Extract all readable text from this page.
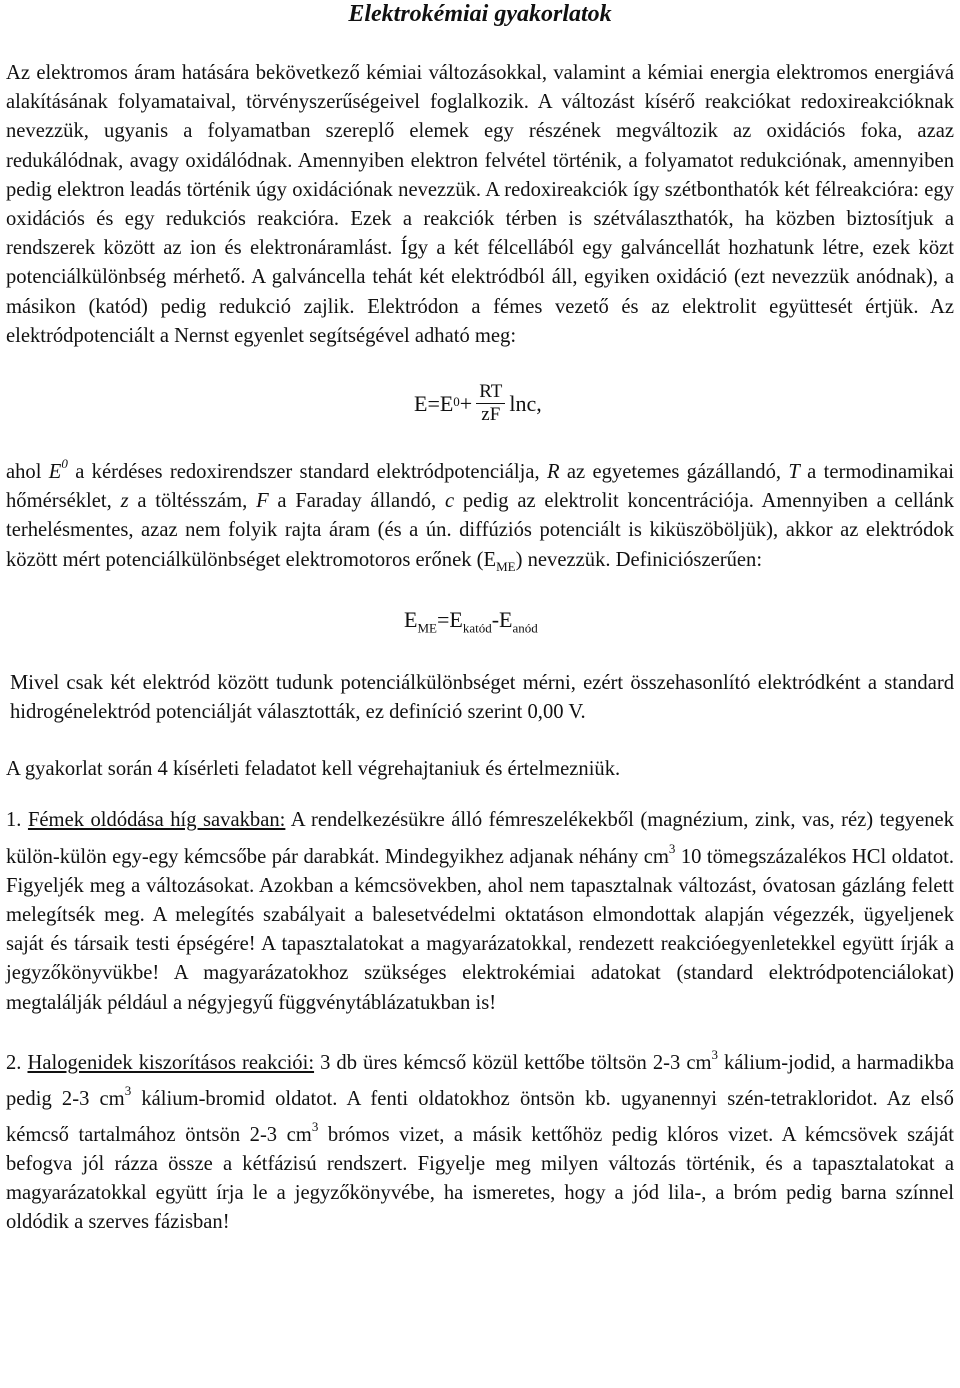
Elektrokémiai gyakorlatok

Az elektromos áram hatására bekövetkező kémiai változásokkal, valamint a kémiai energia elektromos energiává alakításának folyamataival, törvényszerűségeivel foglalkozik. A változást kísérő reakciókat redoxireakcióknak nevezzük, ugyanis a folyamatban szereplő elemek egy részének megváltozik az oxidációs foka, azaz redukálódnak, avagy oxidálódnak. Amennyiben elektron felvétel történik, a folyamatot redukciónak, amennyiben pedig elektron leadás történik úgy oxidációnak nevezzük. A redoxireakciók így szétbonthatók két félreakcióra: egy oxidációs és egy redukciós reakcióra. Ezek a reakciók térben is szétválaszthatók, ha közben biztosítjuk a rendszerek között az ion és elektronáramlást. Így a két félcellából egy galváncellát hozhatunk létre, ezek közt potenciálkülönbség mérhető. A galváncella tehát két elektródból áll, egyiken oxidáció (ezt nevezzük anódnak), a másikon (katód) pedig redukció zajlik. Elektródon a fémes vezető és az elektrolit együttesét értjük. Az elektródpotenciált a Nernst egyenlet segítségével adható meg:

$E=E^0 + \frac{RT}{zF} \ln c$,

ahol $E^0$ a kérdéses redoxirendszer standard elektródpotenciálja, R az egyetemes gázállandó, T a termodinamikai hőmérséklet, z a töltésszám, F a Faraday állandó, c pedig az elektrolit koncentrációja. Amennyiben a cellánk terhelésmentes, azaz nem folyik rajta áram (és a ún. diffúziós potenciált is kiküszöböljük), akkor az elektródok között mért potenciálkülönbséget elektromotoros erőnek $(E_{ME})$ nevezzük. Definiciószerűen:

$E_{ME}=E_{katód}-E_{anód}$

Mivel csak két elektród között tudunk potenciálkülönbséget mérni, ezért összehasonlító elektródként a standard hidrogénelektród potenciálját választották, ez definíció szerint 0,00 V.

A gyakorlat során 4 kísérleti feladatot kell végrehajtaniuk és értelmezniük.

1. Fémek oldódása híg savakban: A rendelkezésükre álló fémreszelékekből (magnézium, zink, vas, réz) tegyenek külön-külön egy-egy kémcsőbe pár darabkát. Mindegyikhez adjanak néhány $cm^3$ 10 tömegszázalékos HCl oldatot. Figyeljék meg a változásokat. Azokban a kémcsövekben, ahol nem tapasztalnak változást, óvatosan gázláng felett melegítsék meg. A melegítés szabályait a balesetvédelmi oktatáson elmondottak alapján végezzék, ügyeljenek saját és társaik testi épségére! A tapasztalatokat a magyarázatokkal, rendezett reakcióegyenletekkel együtt írják a jegyzőkönyvükbe! A magyarázatokhoz szükséges elektrokémiai adatokat (standard elektródpotenciálokat) megtalálják például a négyjegyű függvénytáblázatukban is!

2. Halogenidek kiszorításos reakciói: 3 db üres kémcső közül kettőbe töltsön 2-3 $cm^3$ kálium-jodid, a harmadikba pedig 2-3 $cm^3$ kálium-bromid oldatot. A fenti oldatokhoz öntsön kb. ugyanennyi szén-tetrakloridot. Az első kémcső tartalmához öntsön 2-3 $cm^3$ brómos vizet, a másik kettőhöz pedig klóros vizet. A kémcsövek száját befogva jól rázza össze a kétfázisú rendszert. Figyelje meg milyen változás történik, és a tapasztalatokat a magyarázatokkal együtt írja le a jegyzőkönyvébe, ha ismeretes, hogy a jód lila-, a bróm pedig barna színnel oldódik a szerves fázisban!
